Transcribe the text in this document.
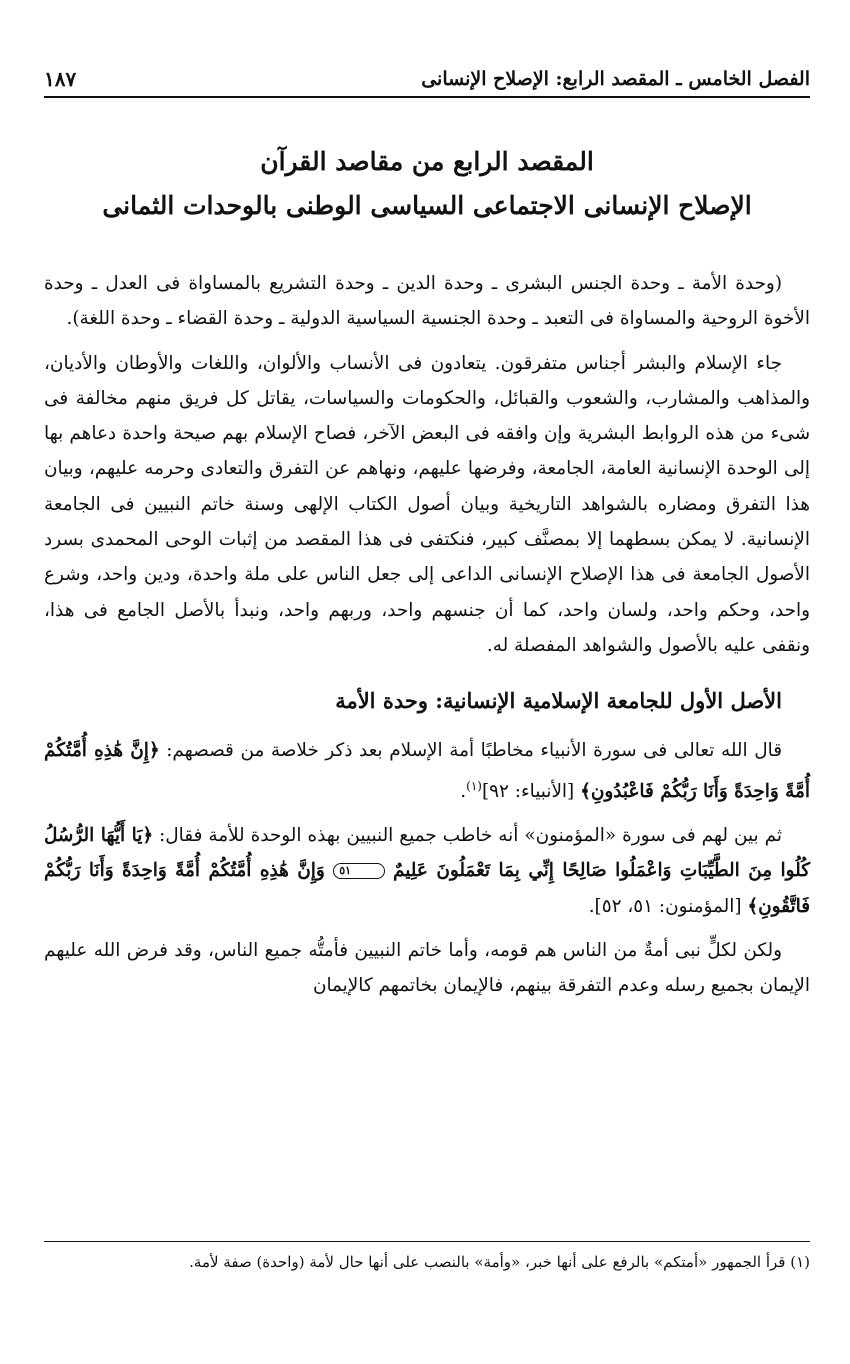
الفصل الخامس ـ المقصد الرابع: الإصلاح الإنسانى
١٨٧
المقصد الرابع من مقاصد القرآن
الإصلاح الإنسانى الاجتماعى السياسى الوطنى بالوحدات الثمانى

(وحدة الأمة ـ وحدة الجنس البشرى ـ وحدة الدين ـ وحدة التشريع بالمساواة فى العدل ـ وحدة الأخوة الروحية والمساواة فى التعبد ـ وحدة الجنسية السياسية الدولية ـ وحدة القضاء ـ وحدة اللغة).

جاء الإسلام والبشر أجناس متفرقون. يتعادون فى الأنساب والألوان، واللغات والأوطان والأديان، والمذاهب والمشارب، والشعوب والقبائل، والحكومات والسياسات، يقاتل كل فريق منهم مخالفة فى شىء من هذه الروابط البشرية وإن وافقه فى البعض الآخر، فصاح الإسلام بهم صيحة واحدة دعاهم بها إلى الوحدة الإنسانية العامة، الجامعة، وفرضها عليهم، ونهاهم عن التفرق والتعادى وحرمه عليهم، وبيان هذا التفرق ومضاره بالشواهد التاريخية وبيان أصول الكتاب الإلهى وسنة خاتم النبيين فى الجامعة الإنسانية. لا يمكن بسطهما إلا بمصنَّف كبير، فنكتفى فى هذا المقصد من إثبات الوحى المحمدى بسرد الأصول الجامعة فى هذا الإصلاح الإنسانى الداعى إلى جعل الناس على ملة واحدة، ودين واحد، وشرع واحد، وحكم واحد، ولسان واحد، كما أن جنسهم واحد، وربهم واحد، ونبدأ بالأصل الجامع فى هذا، ونقفى عليه بالأصول والشواهد المفصلة له.

الأصل الأول للجامعة الإسلامية الإنسانية: وحدة الأمة

قال الله تعالى فى سورة الأنبياء مخاطبًا أمة الإسلام بعد ذكر خلاصة من قصصهم: ﴿إِنَّ هَٰذِهِ أُمَّتُكُمْ أُمَّةً وَاحِدَةً وَأَنَا رَبُّكُمْ فَاعْبُدُونِ﴾ [الأنبياء: ٩٢]$^{(١)}$.

ثم بين لهم فى سورة «المؤمنون» أنه خاطب جميع النبيين بهذه الوحدة للأمة فقال: ﴿يَا أَيُّهَا الرُّسُلُ كُلُوا مِنَ الطَّيِّبَاتِ وَاعْمَلُوا صَالِحًا إِنِّي بِمَا تَعْمَلُونَ عَلِيمٌ ٥١ وَإِنَّ هَٰذِهِ أُمَّتُكُمْ أُمَّةً وَاحِدَةً وَأَنَا رَبُّكُمْ فَاتَّقُونِ﴾ [المؤمنون: ٥١، ٥٢].

ولكن لكلٍّ نبى أمةٌ من الناس هم قومه، وأما خاتم النبيين فأمتُّه جميع الناس، وقد فرض الله عليهم الإيمان بجميع رسله وعدم التفرقة بينهم، فالإيمان بخاتمهم كالإيمان

(١) قرأ الجمهور «أمتكم» بالرفع على أنها خبر، «وأمة» بالنصب على أنها حال لأمة (واحدة) صفة لأمة.
